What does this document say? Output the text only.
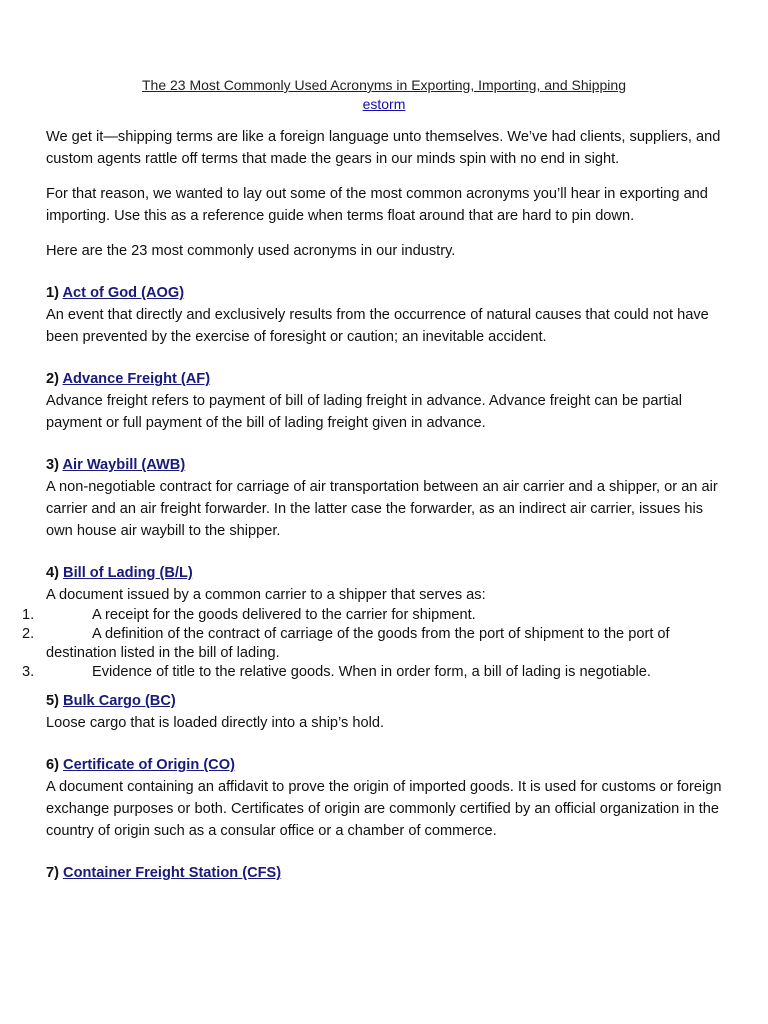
The 23 Most Commonly Used Acronyms in Exporting, Importing, and Shipping
estorm

We get it—shipping terms are like a foreign language unto themselves. We’ve had clients, suppliers, and custom agents rattle off terms that made the gears in our minds spin with no end in sight.

For that reason, we wanted to lay out some of the most common acronyms you’ll hear in exporting and importing. Use this as a reference guide when terms float around that are hard to pin down.

Here are the 23 most commonly used acronyms in our industry.

1) Act of God (AOG)

An event that directly and exclusively results from the occurrence of natural causes that could not have been prevented by the exercise of foresight or caution; an inevitable accident.

2) Advance Freight (AF)

Advance freight refers to payment of bill of lading freight in advance. Advance freight can be partial payment or full payment of the bill of lading freight given in advance.

3) Air Waybill (AWB)

A non-negotiable contract for carriage of air transportation between an air carrier and a shipper, or an air carrier and an air freight forwarder. In the latter case the forwarder, as an indirect air carrier, issues his own house air waybill to the shipper.

4) Bill of Lading (B/L)

A document issued by a common carrier to a shipper that serves as:

1.	A receipt for the goods delivered to the carrier for shipment.
2.	A definition of the contract of carriage of the goods from the port of shipment to the port of
destination listed in the bill of lading.
3.	Evidence of title to the relative goods. When in order form, a bill of lading is negotiable.

5) Bulk Cargo (BC)

Loose cargo that is loaded directly into a ship’s hold.

6) Certificate of Origin (CO)

A document containing an affidavit to prove the origin of imported goods. It is used for customs or foreign exchange purposes or both. Certificates of origin are commonly certified by an official organization in the country of origin such as a consular office or a chamber of commerce.

7) Container Freight Station (CFS)
